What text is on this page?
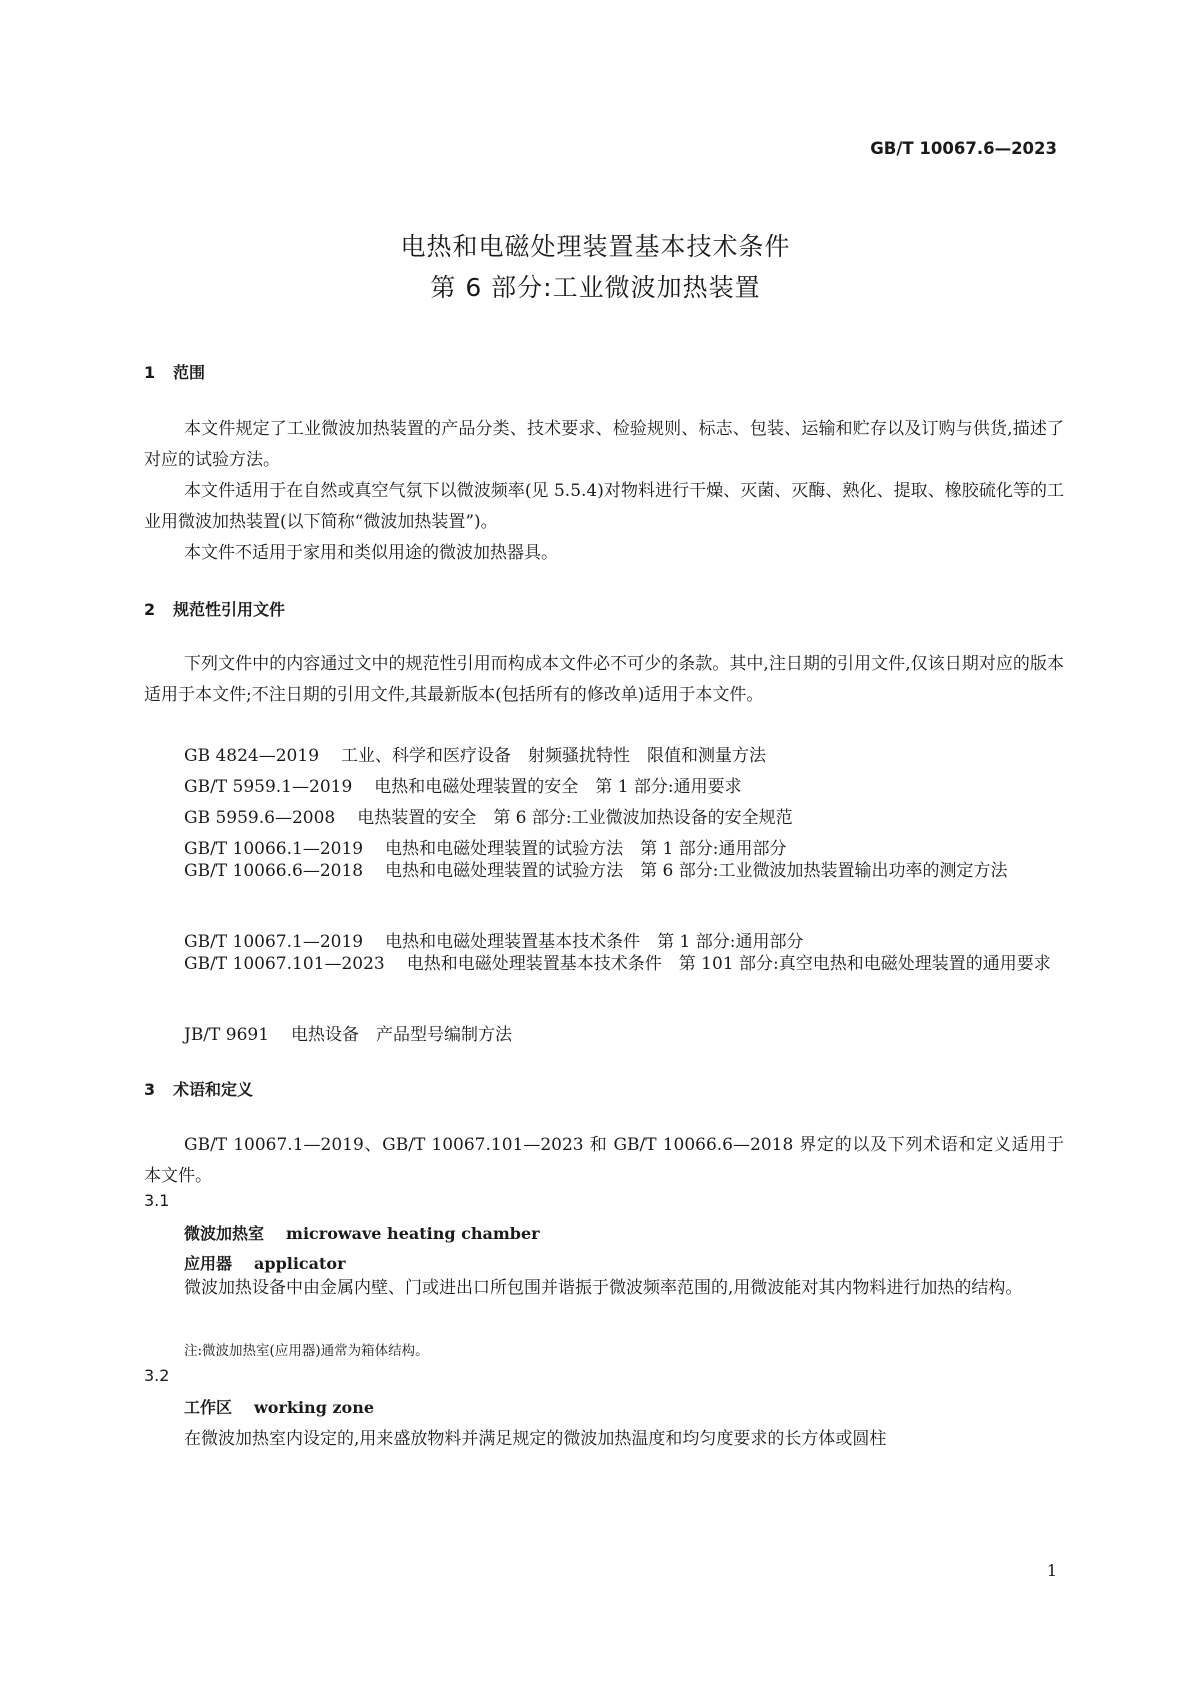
GB/T 10067.6—2023
电热和电磁处理装置基本技术条件
第 6 部分:工业微波加热装置
1 范围
本文件规定了工业微波加热装置的产品分类、技术要求、检验规则、标志、包装、运输和贮存以及订购与供货,描述了对应的试验方法。
本文件适用于在自然或真空气氛下以微波频率(见 5.5.4)对物料进行干燥、灭菌、灭酶、熟化、提取、橡胶硫化等的工业用微波加热装置(以下简称“微波加热装置”)。
本文件不适用于家用和类似用途的微波加热器具。
2 规范性引用文件
下列文件中的内容通过文中的规范性引用而构成本文件必不可少的条款。其中,注日期的引用文件,仅该日期对应的版本适用于本文件;不注日期的引用文件,其最新版本(包括所有的修改单)适用于本文件。
GB 4824—2019 工业、科学和医疗设备　射频骚扰特性　限值和测量方法
GB/T 5959.1—2019 电热和电磁处理装置的安全　第 1 部分:通用要求
GB 5959.6—2008 电热装置的安全　第 6 部分:工业微波加热设备的安全规范
GB/T 10066.1—2019 电热和电磁处理装置的试验方法　第 1 部分:通用部分
GB/T 10066.6—2018 电热和电磁处理装置的试验方法　第 6 部分:工业微波加热装置输出功率的测定方法
GB/T 10067.1—2019 电热和电磁处理装置基本技术条件　第 1 部分:通用部分
GB/T 10067.101—2023 电热和电磁处理装置基本技术条件　第 101 部分:真空电热和电磁处理装置的通用要求
JB/T 9691 电热设备　产品型号编制方法
3 术语和定义
GB/T 10067.1—2019、GB/T 10067.101—2023 和 GB/T 10066.6—2018 界定的以及下列术语和定义适用于本文件。
3.1
微波加热室 microwave heating chamber
应用器 applicator
微波加热设备中由金属内壁、门或进出口所包围并谐振于微波频率范围的,用微波能对其内物料进行加热的结构。
注:微波加热室(应用器)通常为箱体结构。
3.2
工作区 working zone
在微波加热室内设定的,用来盛放物料并满足规定的微波加热温度和均匀度要求的长方体或圆柱
1
